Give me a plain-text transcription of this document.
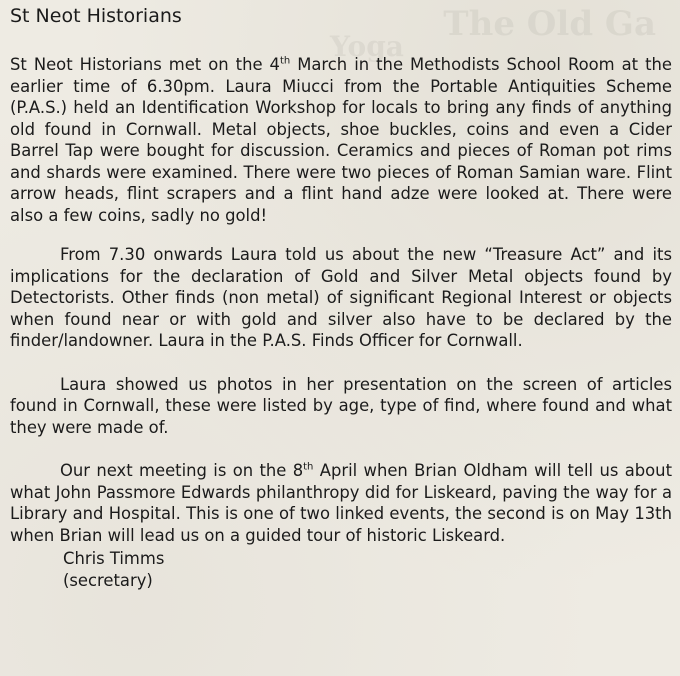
The Old Ga
Yoga
St Neot Historians

St Neot Historians met on the 4th March in the Methodists School Room at the earlier time of 6.30pm. Laura Miucci from the Portable Antiquities Scheme (P.A.S.) held an Identification Workshop for locals to bring any finds of anything old found in Cornwall. Metal objects, shoe buckles, coins and even a Cider Barrel Tap were bought for discussion. Ceramics and pieces of Roman pot rims and shards were examined. There were two pieces of Roman Samian ware. Flint arrow heads, flint scrapers and a flint hand adze were looked at. There were also a few coins, sadly no gold!

From 7.30 onwards Laura told us about the new “Treasure Act” and its implications for the declaration of Gold and Silver Metal objects found by Detectorists. Other finds (non metal) of significant Regional Interest or objects when found near or with gold and silver also have to be declared by the finder/landowner. Laura in the P.A.S. Finds Officer for Cornwall.

Laura showed us photos in her presentation on the screen of articles found in Cornwall, these were listed by age, type of find, where found and what they were made of.

Our next meeting is on the 8th April when Brian Oldham will tell us about what John Passmore Edwards philanthropy did for Liskeard, paving the way for a Library and Hospital. This is one of two linked events, the second is on May 13th when Brian will lead us on a guided tour of historic Liskeard.

Chris Timms
(secretary)
